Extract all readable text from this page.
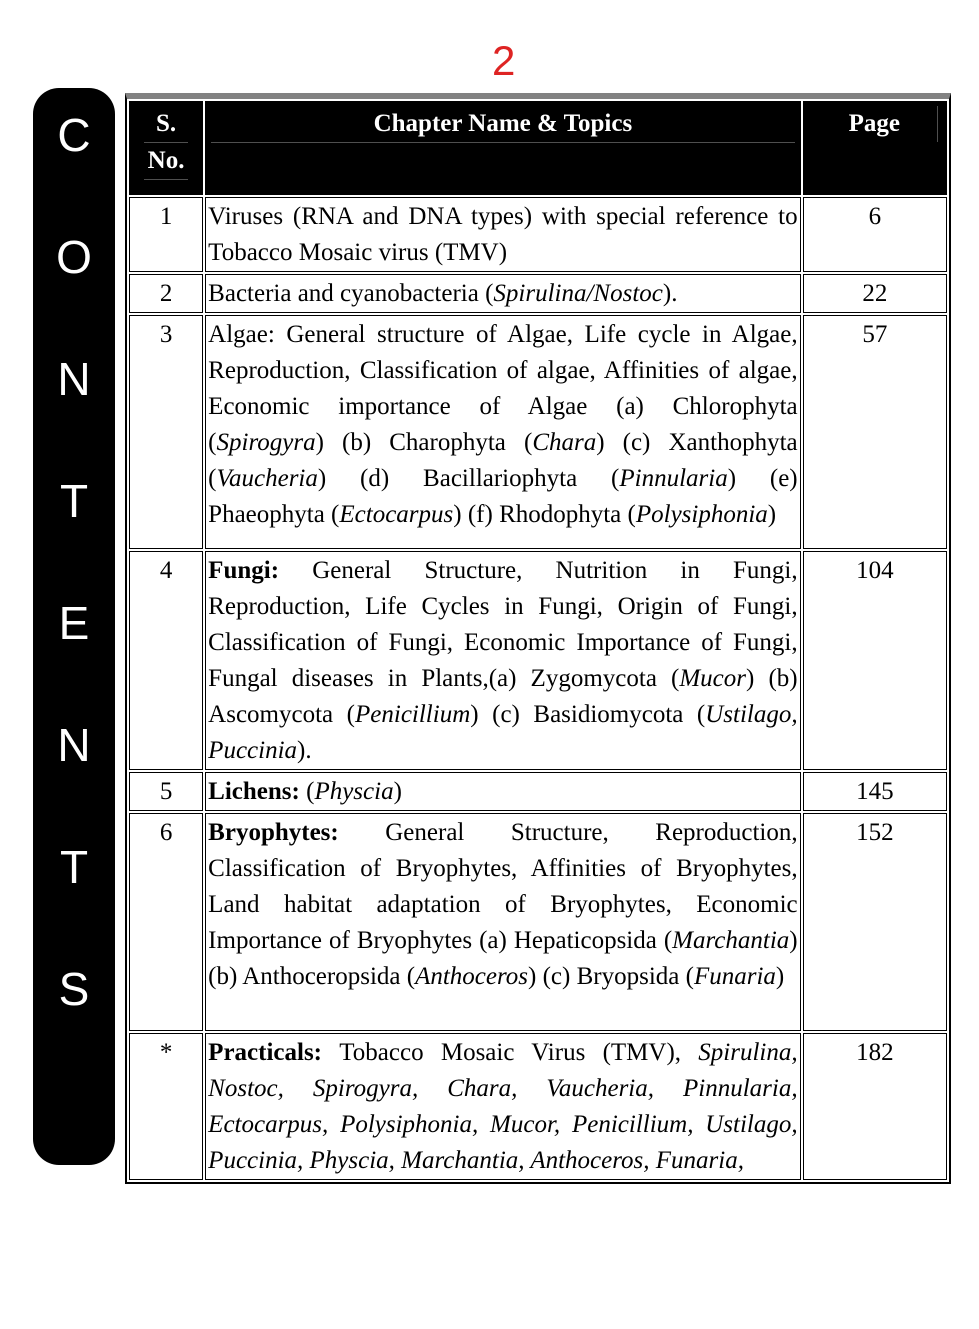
2
C
O
N
T
E
N
T
S
S.
No.	Chapter Name & Topics	Page

1	Viruses (RNA and DNA types) with special reference to Tobacco Mosaic virus (TMV)	6
2	Bacteria and cyanobacteria (Spirulina/Nostoc).	22
3	Algae: General structure of Algae, Life cycle in Algae, Reproduction, Classification of algae, Affinities of algae, Economic importance of Algae (a) Chlorophyta (Spirogyra) (b) Charophyta (Chara) (c) Xanthophyta (Vaucheria) (d) Bacillariophyta (Pinnularia) (e) Phaeophyta (Ectocarpus) (f) Rhodophyta (Polysiphonia)	57
4	Fungi: General Structure, Nutrition in Fungi, Reproduction, Life Cycles in Fungi, Origin of Fungi, Classification of Fungi, Economic Importance of Fungi, Fungal diseases in Plants,(a) Zygomycota (Mucor) (b) Ascomycota (Penicillium) (c) Basidiomycota (Ustilago, Puccinia).	104
5	Lichens: (Physcia)	145
6	Bryophytes: General Structure, Reproduction, Classification of Bryophytes, Affinities of Bryophytes, Land habitat adaptation of Bryophytes, Economic Importance of Bryophytes (a) Hepaticopsida (Marchantia) (b) Anthoceropsida (Anthoceros) (c) Bryopsida (Funaria)	152
*	Practicals: Tobacco Mosaic Virus (TMV), Spirulina, Nostoc, Spirogyra, Chara, Vaucheria, Pinnularia, Ectocarpus, Polysiphonia, Mucor, Penicillium, Ustilago, Puccinia, Physcia, Marchantia, Anthoceros, Funaria,	182
